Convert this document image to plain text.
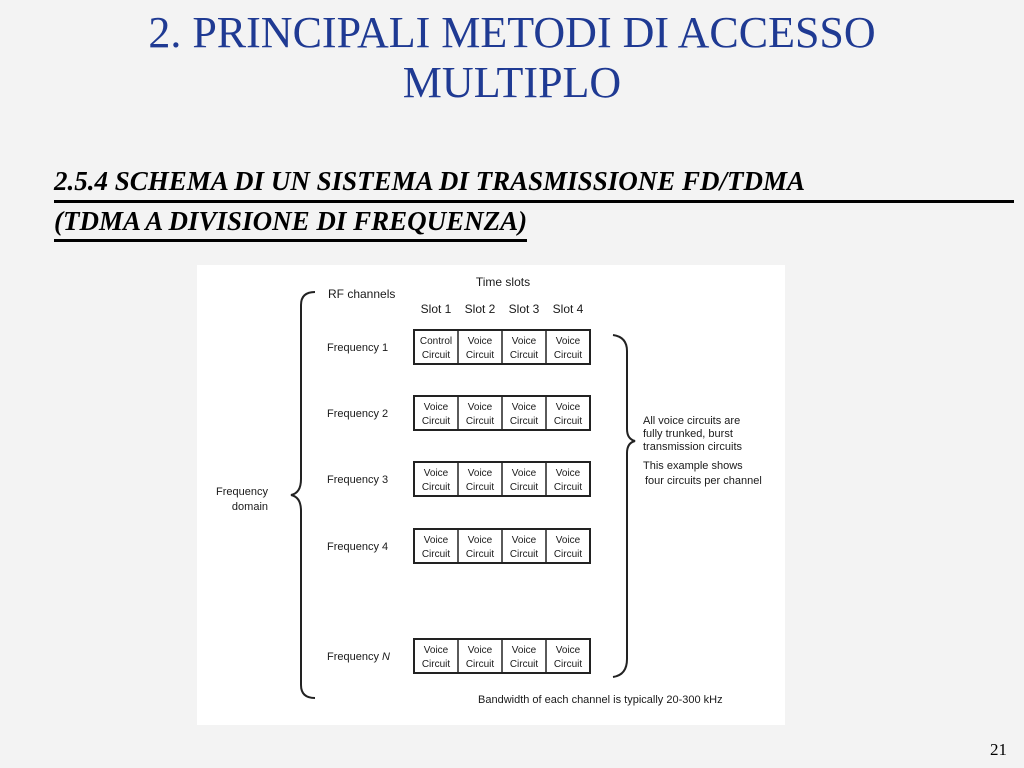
2. PRINCIPALI METODI DI ACCESSO
MULTIPLO
2.5.4 SCHEMA DI UN SISTEMA DI TRASMISSIONE FD/TDMA
(TDMA A DIVISIONE DI FREQUENZA)
Time slots
RF channels
Slot 1 Slot 2 Slot 3 Slot 4
Frequency
domain
Frequency 1
Control
Circuit
Voice
Circuit
Voice
Circuit
Voice
Circuit
Frequency 2
Voice
Circuit
Voice
Circuit
Voice
Circuit
Voice
Circuit
Frequency 3
Voice
Circuit
Voice
Circuit
Voice
Circuit
Voice
Circuit
Frequency 4
Voice
Circuit
Voice
Circuit
Voice
Circuit
Voice
Circuit
Frequency N
Voice
Circuit
Voice
Circuit
Voice
Circuit
Voice
Circuit
All voice circuits are
fully trunked, burst
transmission circuits
This example shows
four circuits per channel
Bandwidth of each channel is typically 20-300 kHz
21
